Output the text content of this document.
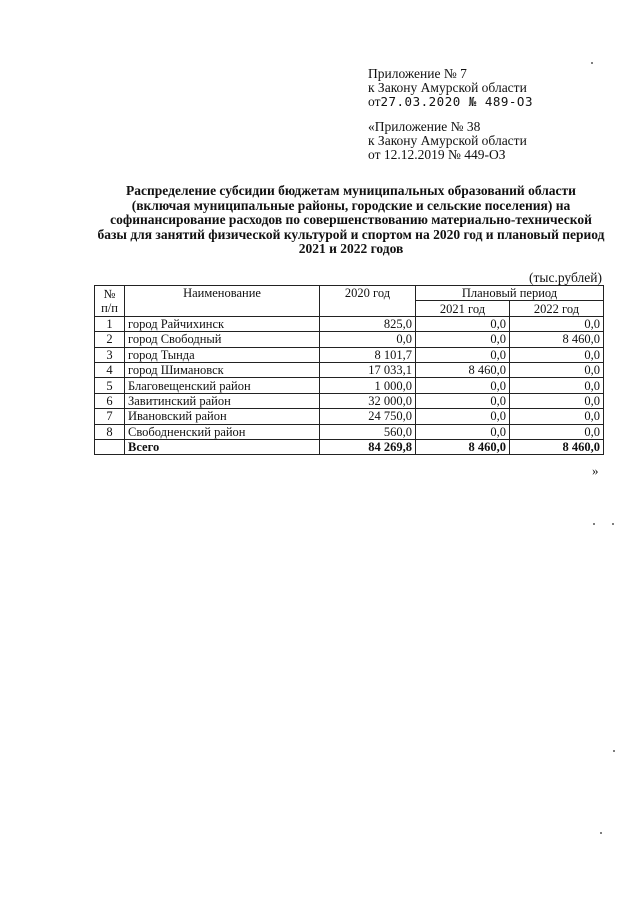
Приложение № 7
к Закону Амурской области
от27.03.2020 № 489-ОЗ
«Приложение № 38
к Закону Амурской области
от 12.12.2019 № 449-ОЗ
Распределение субсидии бюджетам муниципальных образований области (включая муниципальные районы, городские и сельские поселения) на софинансирование расходов по совершенствованию материально-технической базы для занятий физической культурой и спортом на 2020 год и плановый период 2021 и 2022 годов
(тыс.рублей)
№ п/п	Наименование	2020 год	Плановый период	
			2021 год	2022 год
1	город Райчихинск	825,0	0,0	0,0
2	город Свободный	0,0	0,0	8 460,0
3	город Тында	8 101,7	0,0	0,0
4	город Шимановск	17 033,1	8 460,0	0,0
5	Благовещенский район	1 000,0	0,0	0,0
6	Завитинский район	32 000,0	0,0	0,0
7	Ивановский район	24 750,0	0,0	0,0
8	Свободненский район	560,0	0,0	0,0
	Всего	84 269,8	8 460,0	8 460,0
»
